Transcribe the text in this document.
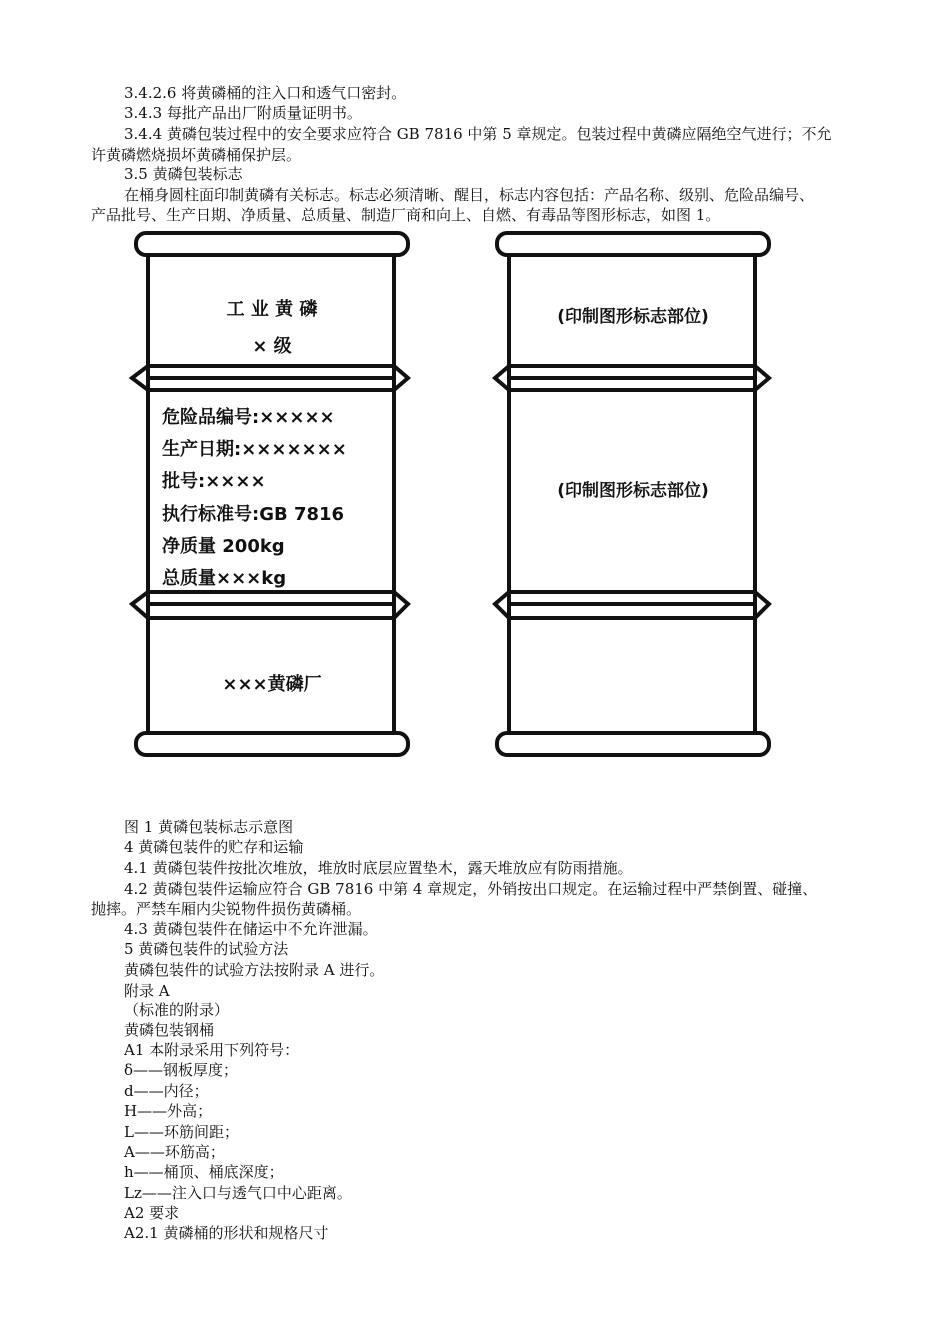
3.4.2.6 将黄磷桶的注入口和透气口密封。
3.4.3 每批产品出厂附质量证明书。
3.4.4 黄磷包装过程中的安全要求应符合 GB 7816 中第 5 章规定。包装过程中黄磷应隔绝空气进行；不允
许黄磷燃烧损坏黄磷桶保护层。
3.5 黄磷包装标志
在桶身圆柱面印制黄磷有关标志。标志必须清晰、醒目，标志内容包括：产品名称、级别、危险品编号、
产品批号、生产日期、净质量、总质量、制造厂商和向上、自燃、有毒品等图形标志，如图 1。
工 业 黄 磷
× 级
危险品编号:×××××
生产日期:×××××××
批号:××××
执行标准号:GB 7816
净质量 200kg
总质量×××kg
×××黄磷厂
(印制图形标志部位)
(印制图形标志部位)
图 1 黄磷包装标志示意图
4 黄磷包装件的贮存和运输
4.1 黄磷包装件按批次堆放，堆放时底层应置垫木，露天堆放应有防雨措施。
4.2 黄磷包装件运输应符合 GB 7816 中第 4 章规定，外销按出口规定。在运输过程中严禁倒置、碰撞、
抛摔。严禁车厢内尖锐物件损伤黄磷桶。
4.3 黄磷包装件在储运中不允许泄漏。
5 黄磷包装件的试验方法
黄磷包装件的试验方法按附录 A 进行。
附录 A
（标准的附录）
黄磷包装钢桶
A1 本附录采用下列符号：
δ——钢板厚度；
d——内径；
H——外高；
L——环筋间距；
A——环筋高；
h——桶顶、桶底深度；
Lz——注入口与透气口中心距离。
A2 要求
A2.1 黄磷桶的形状和规格尺寸
